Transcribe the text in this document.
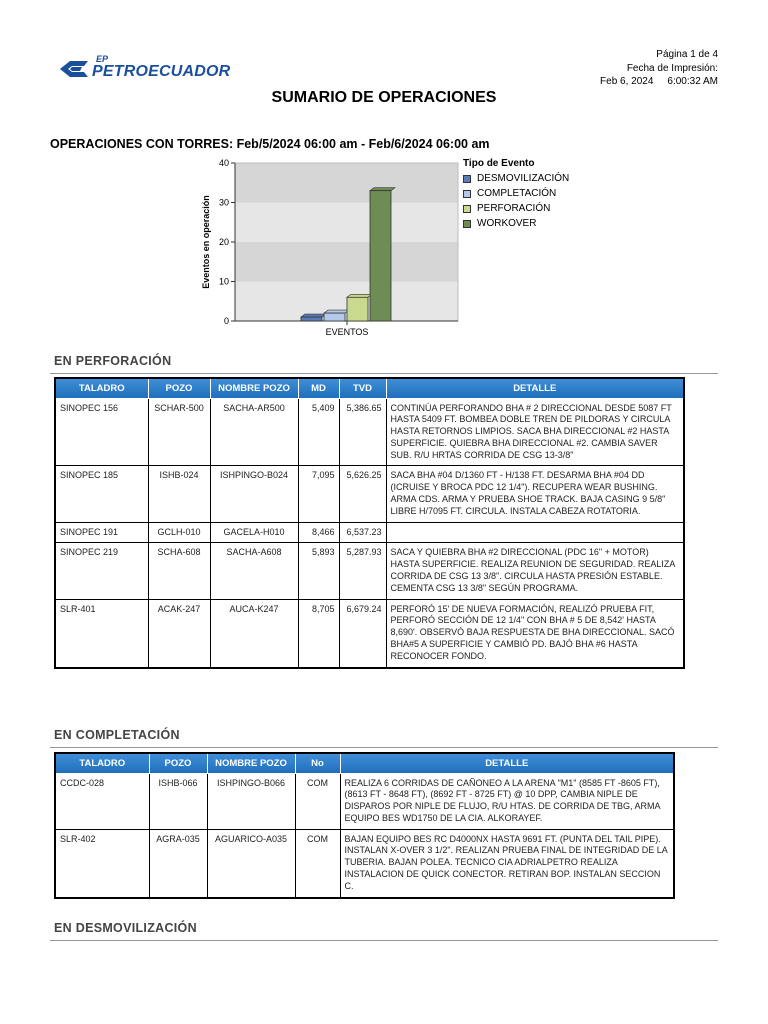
EP
PETROECUADOR
Página 1 de 4
Fecha de Impresión:
Feb 6, 2024 6:00:32 AM
SUMARIO DE OPERACIONES
OPERACIONES CON TORRES: Feb/5/2024 06:00 am - Feb/6/2024 06:00 am
0
10
20
30
40
Eventos en operación
EVENTOS
Tipo de Evento
DESMOVILIZACIÓN
COMPLETACIÓN
PERFORACIÓN
WORKOVER
EN PERFORACIÓN
TALADRO	POZO	NOMBRE POZO	MD	TVD	DETALLE
SINOPEC 156	SCHAR-500	SACHA-AR500	5,409	5,386.65	CONTINÚA PERFORANDO BHA # 2 DIRECCIONAL DESDE 5087 FT HASTA 5409 FT. BOMBEA DOBLE TREN DE PILDORAS Y CIRCULA HASTA RETORNOS LIMPIOS. SACA BHA DIRECCIONAL #2 HASTA SUPERFICIE. QUIEBRA BHA DIRECCIONAL #2. CAMBIA SAVER SUB. R/U HRTAS CORRIDA DE CSG 13-3/8"
SINOPEC 185	ISHB-024	ISHPINGO-B024	7,095	5,626.25	SACA BHA #04 D/1360 FT - H/138 FT. DESARMA BHA #04 DD (ICRUISE Y BROCA PDC 12 1/4"). RECUPERA WEAR BUSHING. ARMA CDS. ARMA Y PRUEBA SHOE TRACK. BAJA CASING 9 5/8" LIBRE H/7095 FT. CIRCULA. INSTALA CABEZA ROTATORIA.
SINOPEC 191	GCLH-010	GACELA-H010	8,466	6,537.23	
SINOPEC 219	SCHA-608	SACHA-A608	5,893	5,287.93	SACA Y QUIEBRA BHA #2 DIRECCIONAL (PDC 16" + MOTOR) HASTA SUPERFICIE. REALIZA REUNION DE SEGURIDAD. REALIZA CORRIDA DE CSG 13 3/8". CIRCULA HASTA PRESIÓN ESTABLE. CEMENTA CSG 13 3/8" SEGÚN PROGRAMA.
SLR-401	ACAK-247	AUCA-K247	8,705	6,679.24	PERFORÓ 15' DE NUEVA FORMACIÓN, REALIZÓ PRUEBA FIT, PERFORÓ SECCIÓN DE 12 1/4" CON BHA # 5 DE 8,542' HASTA 8,690'. OBSERVÓ BAJA RESPUESTA DE BHA DIRECCIONAL. SACÓ BHA#5 A SUPERFICIE Y CAMBIÓ PD. BAJÓ BHA #6 HASTA RECONOCER FONDO.
EN COMPLETACIÓN
TALADRO	POZO	NOMBRE POZO	No	DETALLE
CCDC-028	ISHB-066	ISHPINGO-B066	COM	REALIZA 6 CORRIDAS DE CAÑONEO A LA ARENA "M1" (8585 FT -8605 FT), (8613 FT - 8648 FT), (8692 FT - 8725 FT) @ 10 DPP, CAMBIA NIPLE DE DISPAROS POR NIPLE DE FLUJO, R/U HTAS. DE CORRIDA DE TBG, ARMA EQUIPO BES WD1750 DE LA CIA. ALKORAYEF.
SLR-402	AGRA-035	AGUARICO-A035	COM	BAJAN EQUIPO BES RC D4000NX HASTA 9691 FT. (PUNTA DEL TAIL PIPE). INSTALAN X-OVER 3 1/2". REALIZAN PRUEBA FINAL DE INTEGRIDAD DE LA TUBERIA. BAJAN POLEA. TECNICO CIA ADRIALPETRO REALIZA INSTALACION DE QUICK CONECTOR. RETIRAN BOP. INSTALAN SECCION C.
EN DESMOVILIZACIÓN
